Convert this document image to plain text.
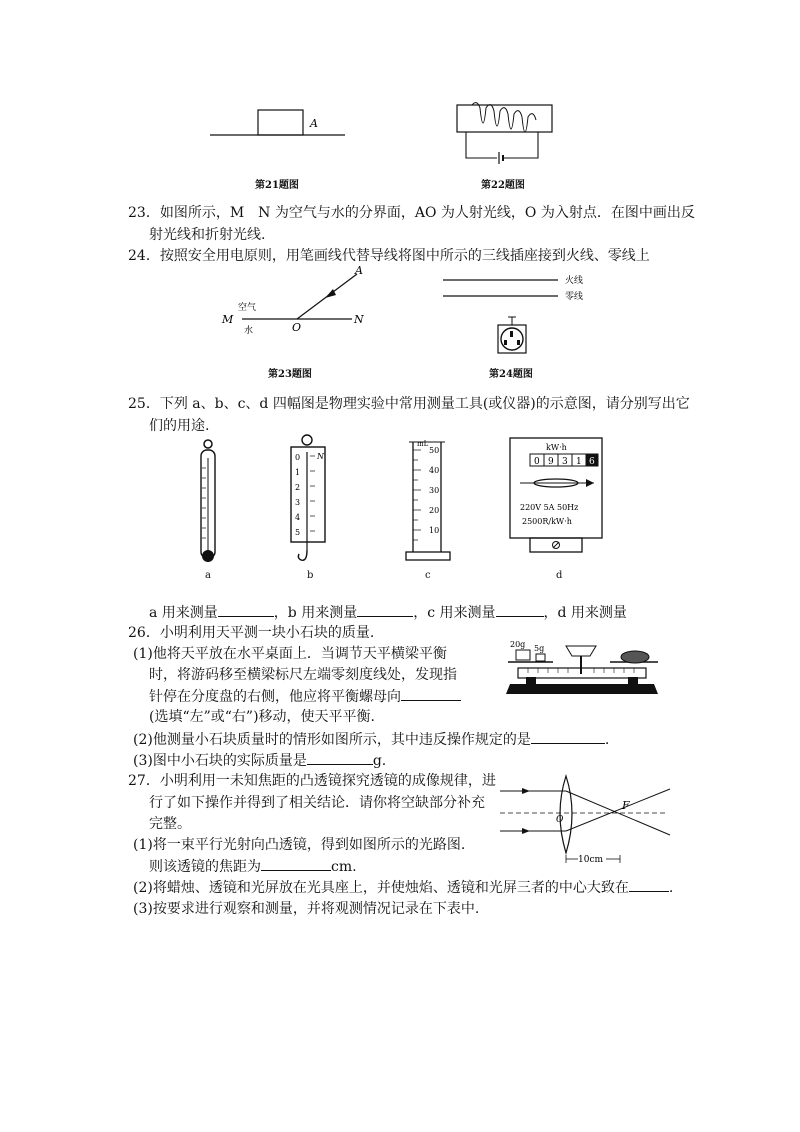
A
第21题图	第22题图
23．如图所示，M　N 为空气与水的分界面，AO 为人射光线，O 为入射点．在图中画出反
射光线和折射光线.
24．按照安全用电原则，用笔画线代替导线将图中所示的三线插座接到火线、零线上
A
M
O
N
空气
水
第23题图
火线
零线
第24题图
25．下列 a、b、c、d 四幅图是物理实验中常用测量工具(或仪器)的示意图，请分别写出它
们的用途.
a
N
0
1
2
3
4
5
b
mL
50
40
30
20
10
c
kW·h
0 9 3 1 6
220V 5A 50Hz
2500R/kW·h
d
a 用来测量	，b 用来测量	，c 用来测量	，d 用来测量
26．小明利用天平测一块小石块的质量.
(1)他将天平放在水平桌面上．当调节天平横梁平衡
时，将游码移至横梁标尺左端零刻度线处，发现指
针停在分度盘的右侧，他应将平衡螺母向
(选填“左”或“右”)移动，使天平平衡.
(2)他测量小石块质量时的情形如图所示，其中违反操作规定的是	.
(3)图中小石块的实际质量是	g.
20g 5g
27．小明利用一未知焦距的凸透镜探究透镜的成像规律，进
行了如下操作并得到了相关结论．请你将空缺部分补充
完整。
(1)将一束平行光射向凸透镜，得到如图所示的光路图.
则该透镜的焦距为	cm.
(2)将蜡烛、透镜和光屏放在光具座上，并使烛焰、透镜和光屏三者的中心大致在	.
(3)按要求进行观察和测量，并将观测情况记录在下表中.
O
F
10cm
